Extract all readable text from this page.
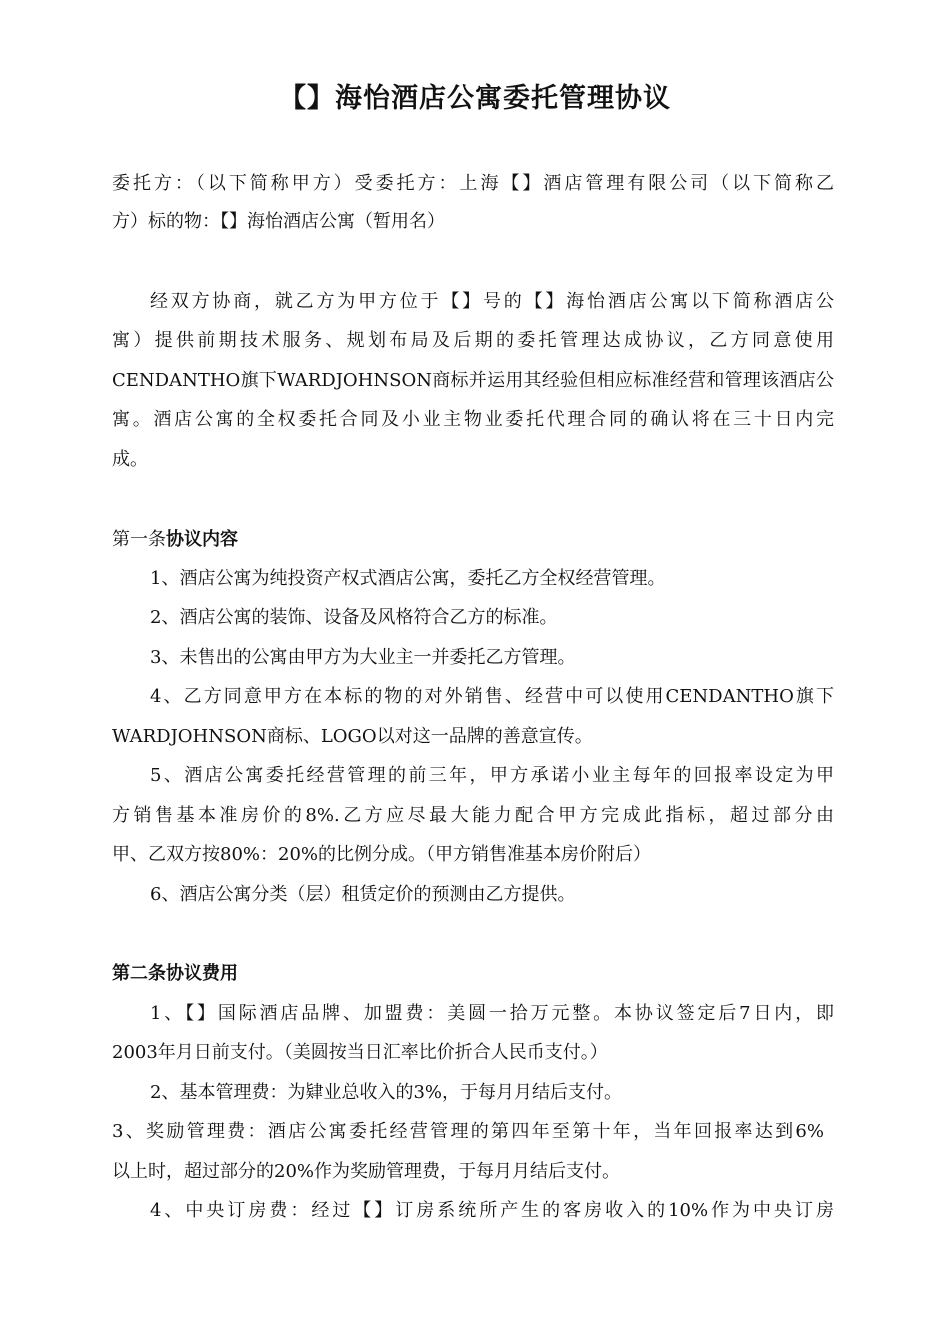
【】海怡酒店公寓委托管理协议
委托方：（以下简称甲方）受委托方：上海【】酒店管理有限公司（以下简称乙
方）标的物：【】海怡酒店公寓（暂用名）
经双方协商，就乙方为甲方位于【】号的【】海怡酒店公寓以下简称酒店公
寓）提供前期技术服务、规划布局及后期的委托管理达成协议，乙方同意使用
CENDANTHO旗下WARDJOHNSON商标并运用其经验但相应标准经营和管理该酒店公
寓。酒店公寓的全权委托合同及小业主物业委托代理合同的确认将在三十日内完
成。
第一条协议内容
1、酒店公寓为纯投资产权式酒店公寓，委托乙方全权经营管理。
2、酒店公寓的装饰、设备及风格符合乙方的标准。
3、未售出的公寓由甲方为大业主一并委托乙方管理。
4、乙方同意甲方在本标的物的对外销售、经营中可以使用CENDANTHO旗下
WARDJOHNSON商标、LOGO以对这一品牌的善意宣传。
5、酒店公寓委托经营管理的前三年，甲方承诺小业主每年的回报率设定为甲
方销售基本准房价的8%.乙方应尽最大能力配合甲方完成此指标，超过部分由
甲、乙双方按80%：20%的比例分成。（甲方销售准基本房价附后）
6、酒店公寓分类（层）租赁定价的预测由乙方提供。
第二条协议费用
1、【】国际酒店品牌、加盟费：美圆一拾万元整。本协议签定后7日内，即
2003年月日前支付。（美圆按当日汇率比价折合人民币支付。）
2、基本管理费：为肄业总收入的3%，于每月月结后支付。
3、奖励管理费：酒店公寓委托经营管理的第四年至第十年，当年回报率达到6%
以上时，超过部分的20%作为奖励管理费，于每月月结后支付。
4、中央订房费：经过【】订房系统所产生的客房收入的10%作为中央订房
